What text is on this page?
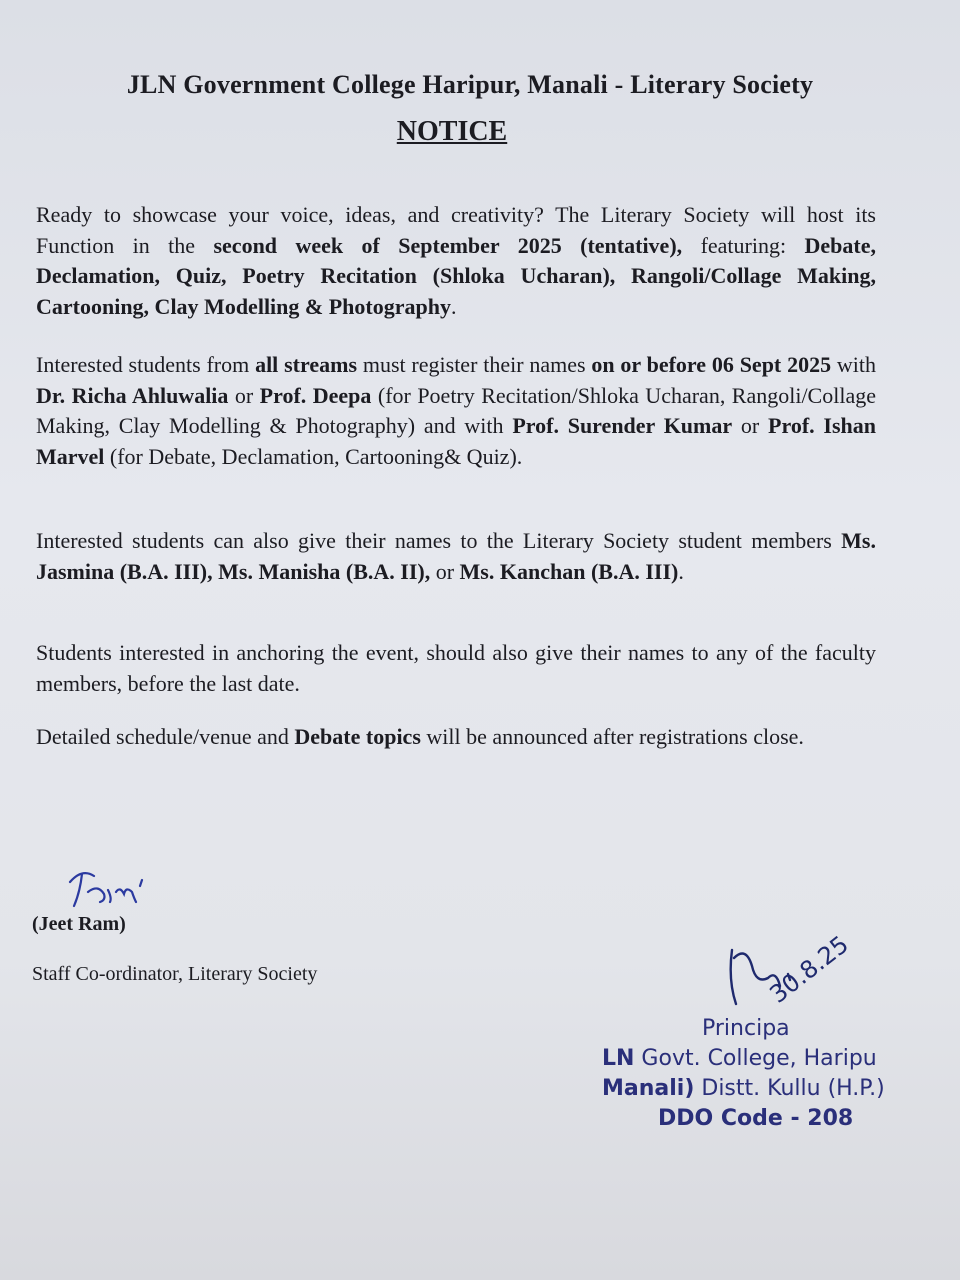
JLN Government College Haripur, Manali - Literary Society
NOTICE

Ready to showcase your voice, ideas, and creativity? The Literary Society will host its Function in the second week of September 2025 (tentative), featuring: Debate, Declamation, Quiz, Poetry Recitation (Shloka Ucharan), Rangoli/Collage Making, Cartooning, Clay Modelling & Photography.

Interested students from all streams must register their names on or before 06 Sept 2025 with Dr. Richa Ahluwalia or Prof. Deepa (for Poetry Recitation/Shloka Ucharan, Rangoli/Collage Making, Clay Modelling & Photography) and with Prof. Surender Kumar or Prof. Ishan Marvel (for Debate, Declamation, Cartooning& Quiz).

Interested students can also give their names to the Literary Society student members Ms. Jasmina (B.A. III), Ms. Manisha (B.A. II), or Ms. Kanchan (B.A. III).

Students interested in anchoring the event, should also give their names to any of the faculty members, before the last date.

Detailed schedule/venue and Debate topics will be announced after registrations close.

(Jeet Ram)
Staff Co-ordinator, Literary Society	30.8.25
Principa
LN Govt. College, Haripu
Manali) Distt. Kullu (H.P.)
DDO Code - 208
